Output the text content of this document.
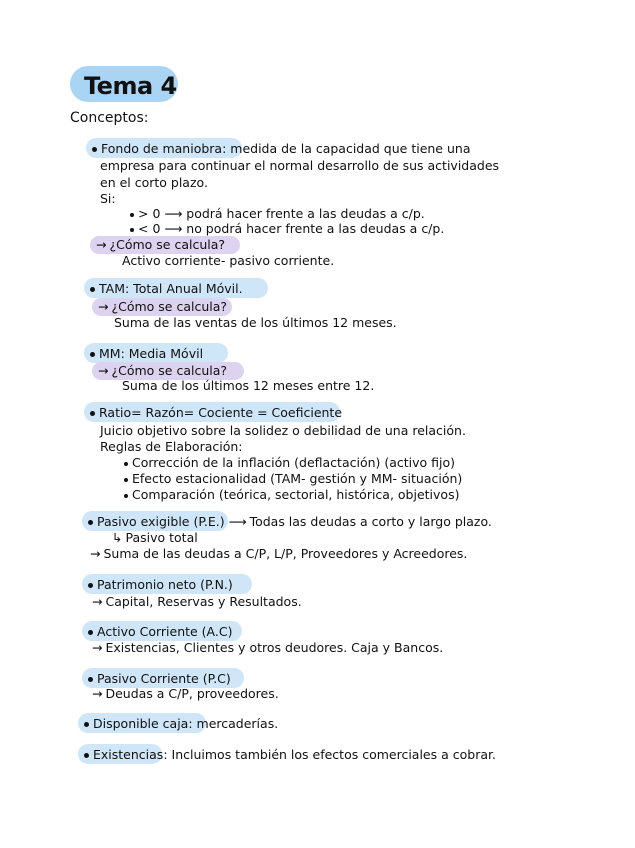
Tema 4
Conceptos:
Fondo de maniobra: medida de la capacidad que tiene una
empresa para continuar el normal desarrollo de sus actividades
en el corto plazo.
Si:
> 0 ⟶ podrá hacer frente a las deudas a c/p.
< 0 ⟶ no podrá hacer frente a las deudas a c/p.
→ ¿Cómo se calcula?
Activo corriente- pasivo corriente.
TAM: Total Anual Móvil.
→ ¿Cómo se calcula?
Suma de las ventas de los últimos 12 meses.
MM: Media Móvil
→ ¿Cómo se calcula?
Suma de los últimos 12 meses entre 12.
Ratio= Razón= Cociente = Coeficiente
Juicio objetivo sobre la solidez o debilidad de una relación.
Reglas de Elaboración:
Corrección de la inflación (deflactación) (activo fijo)
Efecto estacionalidad (TAM- gestión y MM- situación)
Comparación (teórica, sectorial, histórica, objetivos)
Pasivo exigible (P.E.) ⟶ Todas las deudas a corto y largo plazo.
↳ Pasivo total
→ Suma de las deudas a C/P, L/P, Proveedores y Acreedores.
Patrimonio neto (P.N.)
→ Capital, Reservas y Resultados.
Activo Corriente (A.C)
→ Existencias, Clientes y otros deudores. Caja y Bancos.
Pasivo Corriente (P.C)
→ Deudas a C/P, proveedores.
Disponible caja: mercaderías.
Existencias: Incluimos también los efectos comerciales a cobrar.
